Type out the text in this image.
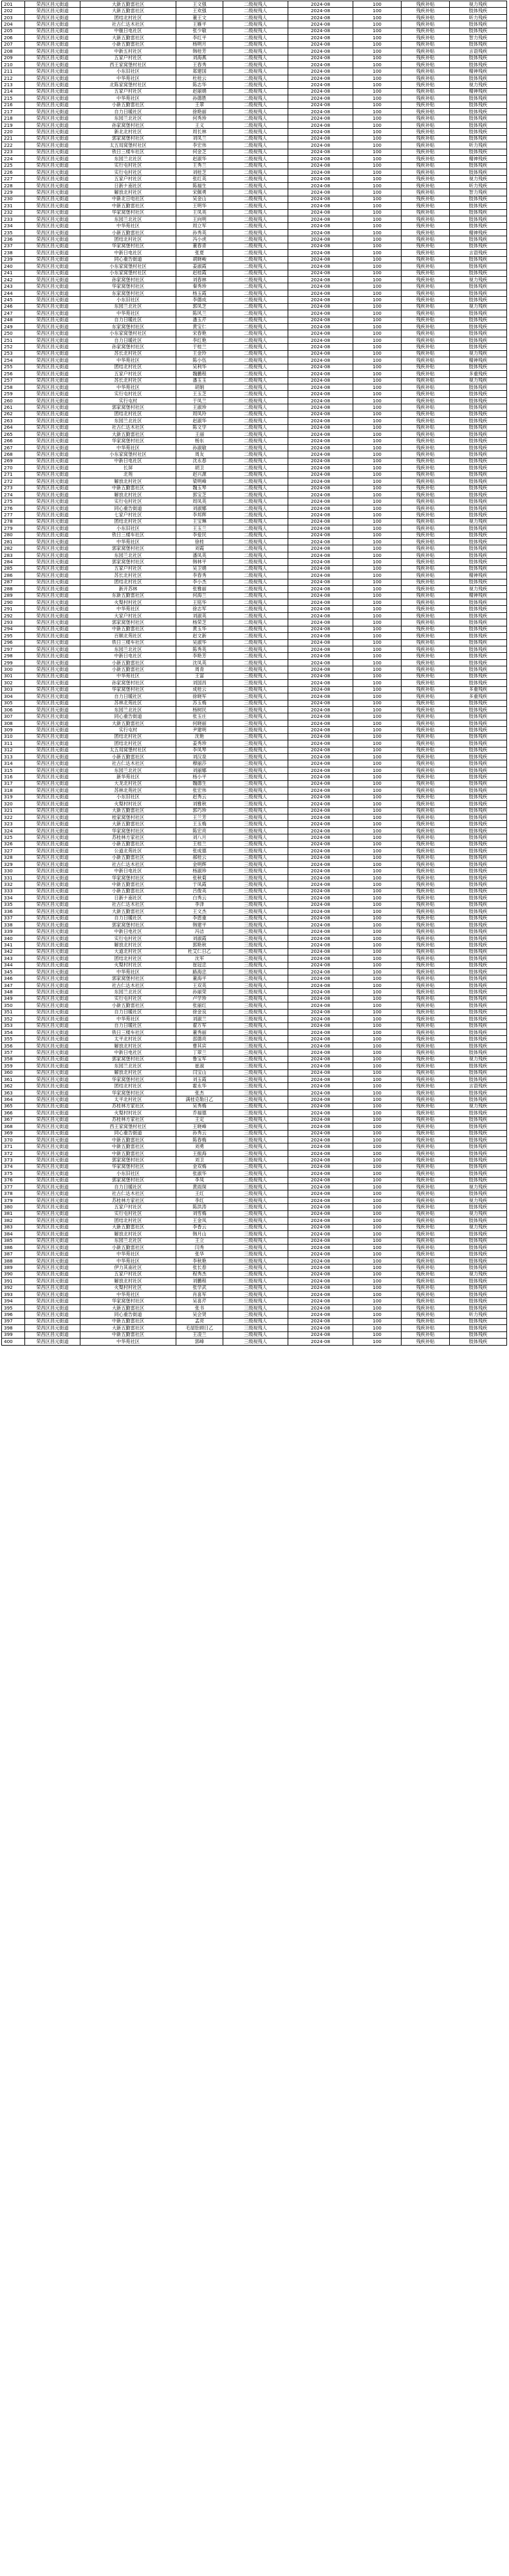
201	荣昌区昌元街道	大新五勤雷社区	王文强	二级视残人	2024-08	100	残疾补贴	视力残疾
202	荣昌区昌元街道	大新五勤雷社区	王欢强	二级视残人	2024-08	100	残疾补贴	肢体残疾
203	荣昌区昌元街道	团结北村社区	董王文	二级视残人	2024-08	100	残疾补贴	听力残疾
204	荣昌区昌元街道	社古仁达木社区	王雁平	二级视残人	2024-08	100	残疾补贴	肢体残疾
205	荣昌区昌元街道	中舰日电社区	张少敏	二级视残人	2024-08	100	残疾补贴	肢体残疾
206	荣昌区昌元街道	大新五勤雷社区	李红平	二级视残人	2024-08	100	残疾补贴	智力残疾
207	荣昌区昌元街道	小新五勤雷社区	杨明月	二级视残人	2024-08	100	残疾补贴	肢体残疾
208	荣昌区昌元街道	中新五村社区	韩桂芳	二级视残人	2024-08	100	残疾补贴	言语残疾
209	荣昌区昌元街道	五家户村社区	刘海燕	二级视残人	2024-08	100	残疾补贴	肢体残疾
210	荣昌区昌元街道	西王家窝堡村社区	王春秀	二级视残人	2024-08	100	残疾补贴	肢体残疾
211	荣昌区昌元街道	小东旧社区	郑建国	二级视残人	2024-08	100	残疾补贴	精神残疾
212	荣昌区昌元街道	中华苑社区	杜桂云	二级视残人	2024-08	100	残疾补贴	肢体残疾
213	荣昌区昌元街道	北陈家窝堡村社区	陈志华	二级视残人	2024-08	100	残疾补贴	视力残疾
214	荣昌区昌元街道	五家户村社区	赵丽娟	二级视残人	2024-08	100	残疾补贴	精神残疾
215	荣昌区昌元街道	中华苑社区	孙德胜	二级视残人	2024-08	100	残疾补贴	肢体残疾
216	荣昌区昌元街道	小新五勤雷社区	王翠	二级视残人	2024-08	100	残疾补贴	肢体残疾
217	荣昌区昌元街道	自力日暖社区	徐艳丽	二级视残人	2024-08	100	残疾补贴	肢体残疾
218	荣昌区昌元街道	东园兰北社区	何秀珍	二级视残人	2024-08	100	残疾补贴	肢体残疾
219	荣昌区昌元街道	孙家窝堡村社区	王义	二级视残人	2024-08	100	残疾补贴	肢体残疾
220	荣昌区昌元街道	新北北村社区	周长林	二级视残人	2024-08	100	残疾补贴	肢体残疾
221	荣昌区昌元街道	郭家窝堡村社区	刘凤兰	二级视残人	2024-08	100	残疾补贴	肢体残疾
222	荣昌区昌元街道	太五局窝堡村社区	李宏伟	二级视残人	2024-08	100	残疾补贴	听力残疾
223	荣昌区昌元街道	铁日三楼车社区	何金芝	二级视残人	2024-08	100	残疾补贴	肢体残疾
224	荣昌区昌元街道	东园兰北社区	赵淑华	二级视残人	2024-08	100	残疾补贴	精神残疾
225	荣昌区昌元街道	实行屯村社区	王秀兰	二级视残人	2024-08	100	残疾补贴	肢体残疾
226	荣昌区昌元街道	实行屯村社区	刘桂芝	二级视残人	2024-08	100	残疾补贴	肢体残疾
227	荣昌区昌元街道	五家户村社区	张红英	二级视残人	2024-08	100	残疾补贴	视力残疾
228	荣昌区昌元街道	日新ナ南社区	陈福生	二级视残人	2024-08	100	残疾补贴	听力残疾
229	荣昌区昌元街道	解放北村社区	宋佩勇	二级视残人	2024-08	100	残疾补贴	智力残疾
230	荣昌区昌元街道	中新北日电社区	吴金山	二级视残人	2024-08	100	残疾补贴	肢体残疾
231	荣昌区昌元街道	中新五勤雷社区	王明华	二级视残人	2024-08	100	残疾补贴	肢体残疾
232	荣昌区昌元街道	华家窝堡村社区	王凤英	二级视残人	2024-08	100	残疾补贴	肢体残疾
233	荣昌区昌元街道	东园兰北社区	王向明	二级视残人	2024-08	100	残疾补贴	肢体残疾
234	荣昌区昌元街道	中华苑社区	周立军	二级视残人	2024-08	100	残疾补贴	肢体残疾
235	荣昌区昌元街道	小新五勤雷社区	孙秀英	二级视残人	2024-08	100	残疾补贴	精神残疾
236	荣昌区昌元街道	团结北村社区	冯小虎	二级视残人	2024-08	100	残疾补贴	肢体残疾
237	荣昌区昌元街道	华家窝堡村社区	董春青	二级视残人	2024-08	100	残疾补贴	肢体残疾
238	荣昌区昌元街道	中新日电社区	张夏	二级视残人	2024-08	100	残疾补贴	言语残疾
239	荣昌区昌元街道	同心重告街道	胡晓峻	二级视残人	2024-08	100	残疾补贴	肢体残疾
240	荣昌区昌元街道	小东家窝堡村社区	姜淑霞	二级视残人	2024-08	100	残疾补贴	肢体残疾
241	荣昌区昌元街道	小东家窝堡村社区	赵桂霞	二级视残人	2024-08	100	残疾补贴	肢体残疾
242	荣昌区昌元街道	孙家窝堡村社区	刘春林	二级视残人	2024-08	100	残疾补贴	视力残疾
243	荣昌区昌元街道	华家窝堡村社区	秦秀珍	二级视残人	2024-08	100	残疾补贴	肢体残疾
244	荣昌区昌元街道	东家窝堡村社区	杨玉霞	二级视残人	2024-08	100	残疾补贴	肢体残疾
245	荣昌区昌元街道	小东旧社区	李德成	二级视残人	2024-08	100	残疾补贴	肢体残疾
246	荣昌区昌元街道	东园兰北社区	郭凤芝	二级视残人	2024-08	100	残疾补贴	视力残疾
247	荣昌区昌元街道	中华苑社区	陈风兰	二级视残人	2024-08	100	残疾补贴	肢体残疾
248	荣昌区昌元街道	自力日暖社区	潘玉芹	二级视残人	2024-08	100	残疾补贴	肢体残疾
249	荣昌区昌元街道	东家窝堡村社区	黄宝仁	二级视残人	2024-08	100	残疾补贴	肢体残疾
250	荣昌区昌元街道	小东家窝堡村社区	宋春艳	二级视残人	2024-08	100	残疾补贴	肢体残疾
251	荣昌区昌元街道	自力日暖社区	李红艳	二级视残人	2024-08	100	残疾补贴	肢体残疾
252	荣昌区昌元街道	孙家窝堡村社区	于桂兰	二级视残人	2024-08	100	残疾补贴	肢体残疾
253	荣昌区昌元街道	苏长北村社区	王金玲	二级视残人	2024-08	100	残疾补贴	视力残疾
254	荣昌区昌元街道	中华苑社区	陈小伍	二级视残人	2024-08	100	残疾补贴	精神残疾
255	荣昌区昌元街道	团结北村社区	吴利华	二级视残人	2024-08	100	残疾补贴	肢体残疾
256	荣昌区昌元街道	五家户村社区	魏鹏程	二级视残人	2024-08	100	残疾补贴	多重残疾
257	荣昌区昌元街道	苏长北村社区	潘玉玉	二级视残人	2024-08	100	残疾补贴	视力残疾
258	荣昌区昌元街道	中华苑社区	胡娟	二级视残人	2024-08	100	残疾补贴	肢体残疾
259	荣昌区昌元街道	实行屯村社区	王玉芝	二级视残人	2024-08	100	残疾补贴	肢体残疾
260	荣昌区昌元街道	实行屯村	于凤兰	二级视残人	2024-08	100	残疾补贴	肢体残疾
261	荣昌区昌元街道	郭家窝堡村社区	王淑珍	二级视残人	2024-08	100	残疾补贴	肢体残疾
262	荣昌区昌元街道	团结北村社区	周凤玲	二级视残人	2024-08	100	残疾补贴	肢体残疾
263	荣昌区昌元街道	东园兰北社区	赵淑华	二级视残人	2024-08	100	残疾补贴	肢体残疾
264	荣昌区昌元街道	社古仁达木社区	陈文学	二级视残人	2024-08	100	残疾补贴	肢体残疾
265	荣昌区昌元街道	大新五勤雷社区	王丽	二级视残人	2024-08	100	残疾补贴	肢体残疾
266	荣昌区昌元街道	华家窝堡村社区	杨东	二级视残人	2024-08	100	残疾补贴	肢体残疾
267	荣昌区昌元街道	中华苑社区	孙淑敏	二级视残人	2024-08	100	残疾补贴	肢体残疾
268	荣昌区昌元街道	小东家窝堡村社区	周友	二级视残人	2024-08	100	残疾补贴	肢体残疾
269	荣昌区昌元街道	中新日电社区	沈永春	二级视残人	2024-08	100	残疾补贴	肢体残疾
270	荣昌区昌元街道	长屏	胡卫	二级视残人	2024-08	100	残疾补贴	肢体残疾
271	荣昌区昌元街道	北苑	赵兴源	二级视残人	2024-08	100	残疾补贴	肢体残疾
272	荣昌区昌元街道	解放北村社区	梁明峰	二级视残人	2024-08	100	残疾补贴	肢体残疾
273	荣昌区昌元街道	中新五勤雷社区	魏玉琴	二级视残人	2024-08	100	残疾补贴	肢体残疾
274	荣昌区昌元街道	解放北村社区	郭宝芝	二级视残人	2024-08	100	残疾补贴	肢体残疾
275	荣昌区昌元街道	实行屯村社区	周凤英	二级视残人	2024-08	100	残疾补贴	肢体残疾
276	荣昌区昌元街道	同心重告街道	刘淑娜	二级视残人	2024-08	100	残疾补贴	肢体残疾
277	荣昌区昌元街道	七家户村社区	李邦辉	二级视残人	2024-08	100	残疾补贴	肢体残疾
278	荣昌区昌元街道	团结北村社区	王宝琳	二级视残人	2024-08	100	残疾补贴	视力残疾
279	荣昌区昌元街道	小东旧社区	王玉兰	二级视残人	2024-08	100	残疾补贴	肢体残疾
280	荣昌区昌元街道	铁日三楼车社区	李爱民	二级视残人	2024-08	100	残疾补贴	肢体残疾
281	荣昌区昌元街道	中华苑社区	徐桂	二级视残人	2024-08	100	残疾补贴	肢体残疾
282	荣昌区昌元街道	郭家窝堡村社区	刘霞	二级视残人	2024-08	100	残疾补贴	肢体残疾
283	荣昌区昌元街道	东园兰北社区	潘凤英	二级视残人	2024-08	100	残疾补贴	肢体残疾
284	荣昌区昌元街道	郭家窝堡村社区	韩林平	二级视残人	2024-08	100	残疾补贴	肢体残疾
285	荣昌区昌元街道	五家户村社区	吴卫娟	二级视残人	2024-08	100	残疾补贴	肢体残疾
286	荣昌区昌元街道	苏长北村社区	李春秀	二级视残人	2024-08	100	残疾补贴	精神残疾
287	荣昌区昌元街道	团结北村社区	李小杰	二级视残人	2024-08	100	残疾补贴	肢体残疾
288	荣昌区昌元街道	新开苏林	张雅丽	二级视残人	2024-08	100	残疾补贴	视力残疾
289	荣昌区昌元街道	东新五勤雷社区	何海兰	二级视残人	2024-08	100	残疾补贴	精神残疾
290	荣昌区昌元街道	火梨村村社区	王铭华	二级视残人	2024-08	100	残疾补贴	肢体残疾
291	荣昌区昌元街道	中华苑社区	徐志军	二级视残人	2024-08	100	残疾补贴	肢体残疾
292	荣昌区昌元街道	大家户村社区	刘淑英	二级视残人	2024-08	100	残疾补贴	肢体残疾
293	荣昌区昌元街道	郭家窝堡村社区	杨荣芝	二级视残人	2024-08	100	残疾补贴	肢体残疾
294	荣昌区昌元街道	中新五勤雷社区	黄玉华	二级视残人	2024-08	100	残疾补贴	肢体残疾
295	荣昌区昌元街道	百顺北苑社区	赵文新	二级视残人	2024-08	100	残疾补贴	肢体残疾
296	荣昌区昌元街道	铁日三楼车社区	吴淑华	二级视残人	2024-08	100	残疾补贴	肢体残疾
297	荣昌区昌元街道	东园兰北社区	陈秀英	二级视残人	2024-08	100	残疾补贴	肢体残疾
298	荣昌区昌元街道	中新日电社区	李艳芳	二级视残人	2024-08	100	残疾补贴	肢体残疾
299	荣昌区昌元街道	小新五勤雷社区	沈凤英	二级视残人	2024-08	100	残疾补贴	肢体残疾
300	荣昌区昌元街道	小新五勤雷社区	周青	二级视残人	2024-08	100	残疾补贴	肢体残疾
301	荣昌区昌元街道	中华苑社区	王富	三级视残人	2024-08	100	残疾补贴	肢体残疾
302	荣昌区昌元街道	孙家窝堡村社区	刘国昌	三级视残人	2024-08	100	残疾补贴	肢体残疾
303	荣昌区昌元街道	华家窝堡村社区	成桂云	三级视残人	2024-08	100	残疾补贴	多重残疾
304	荣昌区昌元街道	自力日暖社区	徐晓军	三级视残人	2024-08	100	残疾补贴	多重残疾
305	荣昌区昌元街道	苏林北苑社区	苏玉梅	三级视残人	2024-08	100	残疾补贴	肢体残疾
306	荣昌区昌元街道	东园兰北社区	杨树民	三级视残人	2024-08	100	残疾补贴	肢体残疾
307	荣昌区昌元街道	同心重告街道	张玉庄	三级视残人	2024-08	100	残疾补贴	肢体残疾
308	荣昌区昌元街道	大新五勤雷社区	何晓丽	三级视残人	2024-08	100	残疾补贴	肢体残疾
309	荣昌区昌元街道	实行屯村	尹建明	三级视残人	2024-08	100	残疾补贴	肢体残疾
310	荣昌区昌元街道	团结北村社区	沈艳	三级视残人	2024-08	100	残疾补贴	肢体残疾
311	荣昌区昌元街道	团结北村社区	姜秀珍	三级视残人	2024-08	100	残疾补贴	肢体残疾
312	荣昌区昌元街道	太五局窝堡村社区	李凤琴	三级视残人	2024-08	100	残疾补贴	肢体残疾
313	荣昌区昌元街道	小新五勤雷社区	刘汉泉	三级视残人	2024-08	100	残疾补贴	肢体残疾
314	荣昌区昌元街道	社古仁达木社区	穆丽莎	三级视残人	2024-08	100	残疾补贴	肢体残疾
315	荣昌区昌元街道	东园兰北社区	刘丽娜	三级视残人	2024-08	100	残疾补贴	肢体残疾
316	荣昌区昌元街道	新华苑社区	杨小平	三级视残人	2024-08	100	残疾补贴	肢体残疾
317	荣昌区昌元街道	大龙北村社区	魏德生	三级视残人	2024-08	100	残疾补贴	肢体残疾
318	荣昌区昌元街道	苏林北苑社区	张宏伟	三级视残人	2024-08	100	残疾补贴	肢体残疾
319	荣昌区昌元街道	小东旧社区	赵秀云	三级视残人	2024-08	100	残疾补贴	肢体残疾
320	荣昌区昌元街道	火梨村村社区	刘雅秋	三级视残人	2024-08	100	残疾补贴	肢体残疾
321	荣昌区昌元街道	大新五勤雷社区	郭巧珍	三级视残人	2024-08	100	残疾补贴	肢体残疾
322	荣昌区昌元街道	桂家窝堡村社区	王兰芳	三级视残人	2024-08	100	残疾补贴	肢体残疾
323	荣昌区昌元街道	大新五勤雷社区	王玉梅	三级视残人	2024-08	100	残疾补贴	肢体残疾
324	荣昌区昌元街道	华家窝堡村社区	陈宏亮	三级视残人	2024-08	100	残疾补贴	肢体残疾
325	荣昌区昌元街道	苏桂林方家社区	刘八月	三级视残人	2024-08	100	残疾补贴	肢体残疾
326	荣昌区昌元街道	小新五勤雷社区	王桂兰	三级视残人	2024-08	100	残疾补贴	肢体残疾
327	荣昌区昌元街道	公道北苑社区	张成德	三级视残人	2024-08	100	残疾补贴	肢体残疾
328	荣昌区昌元街道	小新五勤雷社区	郝桂云	三级视残人	2024-08	100	残疾补贴	肢体残疾
329	荣昌区昌元街道	社古仁达木社区	金明辉	三级视残人	2024-08	100	残疾补贴	肢体残疾
330	荣昌区昌元街道	中新日电社区	杨淑珍	三级视残人	2024-08	100	残疾补贴	肢体残疾
331	荣昌区昌元街道	华家窝堡村社区	张秋菊	三级视残人	2024-08	100	残疾补贴	肢体残疾
332	荣昌区昌元街道	中新五勤雷社区	于凤霞	三级视残人	2024-08	100	残疾补贴	肢体残疾
333	荣昌区昌元街道	小新五勤雷社区	吕俊英	三级视残人	2024-08	100	残疾补贴	肢体残疾
334	荣昌区昌元街道	日新ナ南社区	白秀云	三级视残人	2024-08	100	残疾补贴	肢体残疾
335	荣昌区昌元街道	社古仁达木社区	李泽	三级视残人	2024-08	100	残疾补贴	肢体残疾
336	荣昌区昌元街道	大新五勤雷社区	王文杰	三级视残人	2024-08	100	残疾补贴	肢体残疾
337	荣昌区昌元街道	自力日暖社区	李恩重	三级视残人	2024-08	100	残疾补贴	肢体残疾
338	荣昌区昌元街道	郭家窝堡村社区	韩建平	三级视残人	2024-08	100	残疾补贴	肢体残疾
339	荣昌区昌元街道	中新日电社区	冯洁	三级视残人	2024-08	100	残疾补贴	肢体残疾
340	荣昌区昌元街道	实行屯村社区	刘淑霞	三级视残人	2024-08	100	残疾补贴	肢体残疾
341	荣昌区昌元街道	解放北村社区	郭艳秋	三级视残人	2024-08	100	残疾补贴	肢体残疾
342	荣昌区昌元街道	大道北村社区	杜艾仁日乙	三级视残人	2024-08	100	残疾补贴	肢体残疾
343	荣昌区昌元街道	团结北村社区	沈军	三级视残人	2024-08	100	残疾补贴	肢体残疾
344	荣昌区昌元街道	火梨村村社区	崔冠忠	三级视残人	2024-08	100	残疾补贴	肢体残疾
345	荣昌区昌元街道	中华苑社区	路海忠	三级视残人	2024-08	100	残疾补贴	肢体残疾
346	荣昌区昌元街道	郭家窝堡村社区	董海平	三级视残人	2024-08	100	残疾补贴	肢体残疾
347	荣昌区昌元街道	社古仁达木社区	王双英	三级视残人	2024-08	100	残疾补贴	肢体残疾
348	荣昌区昌元街道	东园兰北社区	孙丽荣	三级视残人	2024-08	100	残疾补贴	肢体残疾
349	荣昌区昌元街道	实行屯村社区	卢学珍	三级视残人	2024-08	100	残疾补贴	肢体残疾
350	荣昌区昌元街道	小新五勤雷社区	张丽红	三级视残人	2024-08	100	残疾补贴	肢体残疾
351	荣昌区昌元街道	自力日暖社区	徐金良	三级视残人	2024-08	100	残疾补贴	肢体残疾
352	荣昌区昌元街道	中华苑社区	刘淑兰	三级视残人	2024-08	100	残疾补贴	肢体残疾
353	荣昌区昌元街道	自力日暖社区	翟万军	三级视残人	2024-08	100	残疾补贴	肢体残疾
354	荣昌区昌元街道	铁日三楼车社区	董秀丽	三级视残人	2024-08	100	残疾补贴	肢体残疾
355	荣昌区昌元街道	太平北村社区	邵德亮	三级视残人	2024-08	100	残疾补贴	肢体残疾
356	荣昌区昌元街道	解放北村社区	曹其宾	三级视残人	2024-08	100	残疾补贴	肢体残疾
357	荣昌区昌元街道	中新日电社区	丁翠兰	三级视残人	2024-08	100	残疾补贴	肢体残疾
358	荣昌区昌元街道	郭家窝堡村社区	鲁宝军	三级视残人	2024-08	100	残疾补贴	视力残疾
359	荣昌区昌元街道	东园兰北社区	崔淑	三级视残人	2024-08	100	残疾补贴	肢体残疾
360	荣昌区昌元街道	解放北村社区	闫宝山	三级视残人	2024-08	100	残疾补贴	肢体残疾
361	荣昌区昌元街道	华家窝堡村社区	刘玉霞	三级视残人	2024-08	100	残疾补贴	肢体残疾
362	荣昌区昌元街道	团结北村社区	霍永华	三级视残人	2024-08	100	残疾补贴	言语残疾
363	荣昌区昌元街道	华家窝堡村社区	张杰	三级视残人	2024-08	100	残疾补贴	肢体残疾
364	荣昌区昌元街道	太平北村社区	满桂克勒日乙	三级视残人	2024-08	100	残疾补贴	肢体残疾
365	荣昌区昌元街道	苏桂林方家社区	吴秀梅	三级视残人	2024-08	100	残疾补贴	视力残疾
366	荣昌区昌元街道	火梨村村社区	乔福德	三级视残人	2024-08	100	残疾补贴	肢体残疾
367	荣昌区昌元街道	苏桂林方家社区	王定	三级视残人	2024-08	100	残疾补贴	肢体残疾
368	荣昌区昌元街道	西王家窝堡村社区	王晓峰	三级视残人	2024-08	100	残疾补贴	肢体残疾
369	荣昌区昌元街道	同心重告街道	孙秀云	三级视残人	2024-08	100	残疾补贴	肢体残疾
370	荣昌区昌元街道	中新五勤雷社区	陈春梅	三级视残人	2024-08	100	残疾补贴	肢体残疾
371	荣昌区昌元街道	中新五勤雷社区	刘勇	三级视残人	2024-08	100	残疾补贴	肢体残疾
372	荣昌区昌元街道	中新五勤雷社区	王振海	三级视残人	2024-08	100	残疾补贴	肢体残疾
373	荣昌区昌元街道	郭家窝堡村社区	刘卫	三级视残人	2024-08	100	残疾补贴	肢体残疾
374	荣昌区昌元街道	华家窝堡村社区	金双梅	三级视残人	2024-08	100	残疾补贴	肢体残疾
375	荣昌区昌元街道	小东旧社区	张淑华	三级视残人	2024-08	100	残疾补贴	肢体残疾
376	荣昌区昌元街道	郭家窝堡村社区	李凤	三级视残人	2024-08	100	残疾补贴	肢体残疾
377	荣昌区昌元街道	自力日暖社区	黄雨琛	三级视残人	2024-08	100	残疾补贴	视力残疾
378	荣昌区昌元街道	社古仁达木社区	王红	三级视残人	2024-08	100	残疾补贴	肢体残疾
379	荣昌区昌元街道	苏桂林方家社区	李红	三级视残人	2024-08	100	残疾补贴	视力残疾
380	荣昌区昌元街道	五家户村社区	陈洪涛	三级视残人	2024-08	100	残疾补贴	肢体残疾
381	荣昌区昌元街道	实行屯村社区	刘雪梅	三级视残人	2024-08	100	残疾补贴	视力残疾
382	荣昌区昌元街道	团结北村社区	王金凤	三级视残人	2024-08	100	残疾补贴	肢体残疾
383	荣昌区昌元街道	大新五勤雷社区	李香云	三级视残人	2024-08	100	残疾补贴	视力残疾
384	荣昌区昌元街道	解放北村社区	韩月山	三级视残人	2024-08	100	残疾补贴	肢体残疾
385	荣昌区昌元街道	东园兰北社区	王立	三级视残人	2024-08	100	残疾补贴	肢体残疾
386	荣昌区昌元街道	小新五勤雷社区	闫秀	三级视残人	2024-08	100	残疾补贴	肢体残疾
387	荣昌区昌元街道	中华苑社区	张华	三级视残人	2024-08	100	残疾补贴	肢体残疾
388	荣昌区昌元街道	中华苑社区	李秋艳	三级视残人	2024-08	100	残疾补贴	肢体残疾
389	荣昌区昌元街道	伊力其南社区	张长春	三级视残人	2024-08	100	残疾补贴	肢体残疾
390	荣昌区昌元街道	五家户村社区	程秀杰	三级视残人	2024-08	100	残疾补贴	视力残疾
391	荣昌区昌元街道	解放北村社区	刘鹏程	三级视残人	2024-08	100	残疾补贴	肢体残疾
392	荣昌区昌元街道	火梨村村社区	张学武	三级视残人	2024-08	100	残疾补贴	肢体残疾
393	荣昌区昌元街道	中华苑社区	肖喜军	三级视残人	2024-08	100	残疾补贴	肢体残疾
394	荣昌区昌元街道	华家窝堡村社区	吴喜芹	三级视残人	2024-08	100	残疾补贴	肢体残疾
395	荣昌区昌元街道	大新五勤雷社区	张书	三级视残人	2024-08	100	残疾补贴	肢体残疾
396	荣昌区昌元街道	同心重告街道	吴会贤	三级视残人	2024-08	100	残疾补贴	听力残疾
397	荣昌区昌元街道	中新五勤雷社区	孟亮	三级视残人	2024-08	100	残疾补贴	肢体残疾
398	荣昌区昌元街道	大新五勤雷社区	毛屋肚顾日乙	三级视残人	2024-08	100	残疾补贴	肢体残疾
399	荣昌区昌元街道	中新五勤雷社区	王凌兰	三级视残人	2024-08	100	残疾补贴	肢体残疾
400	荣昌区昌元街道	中华苑社区	郭峰	三级视残人	2024-08	100	残疾补贴	肢体残疾
